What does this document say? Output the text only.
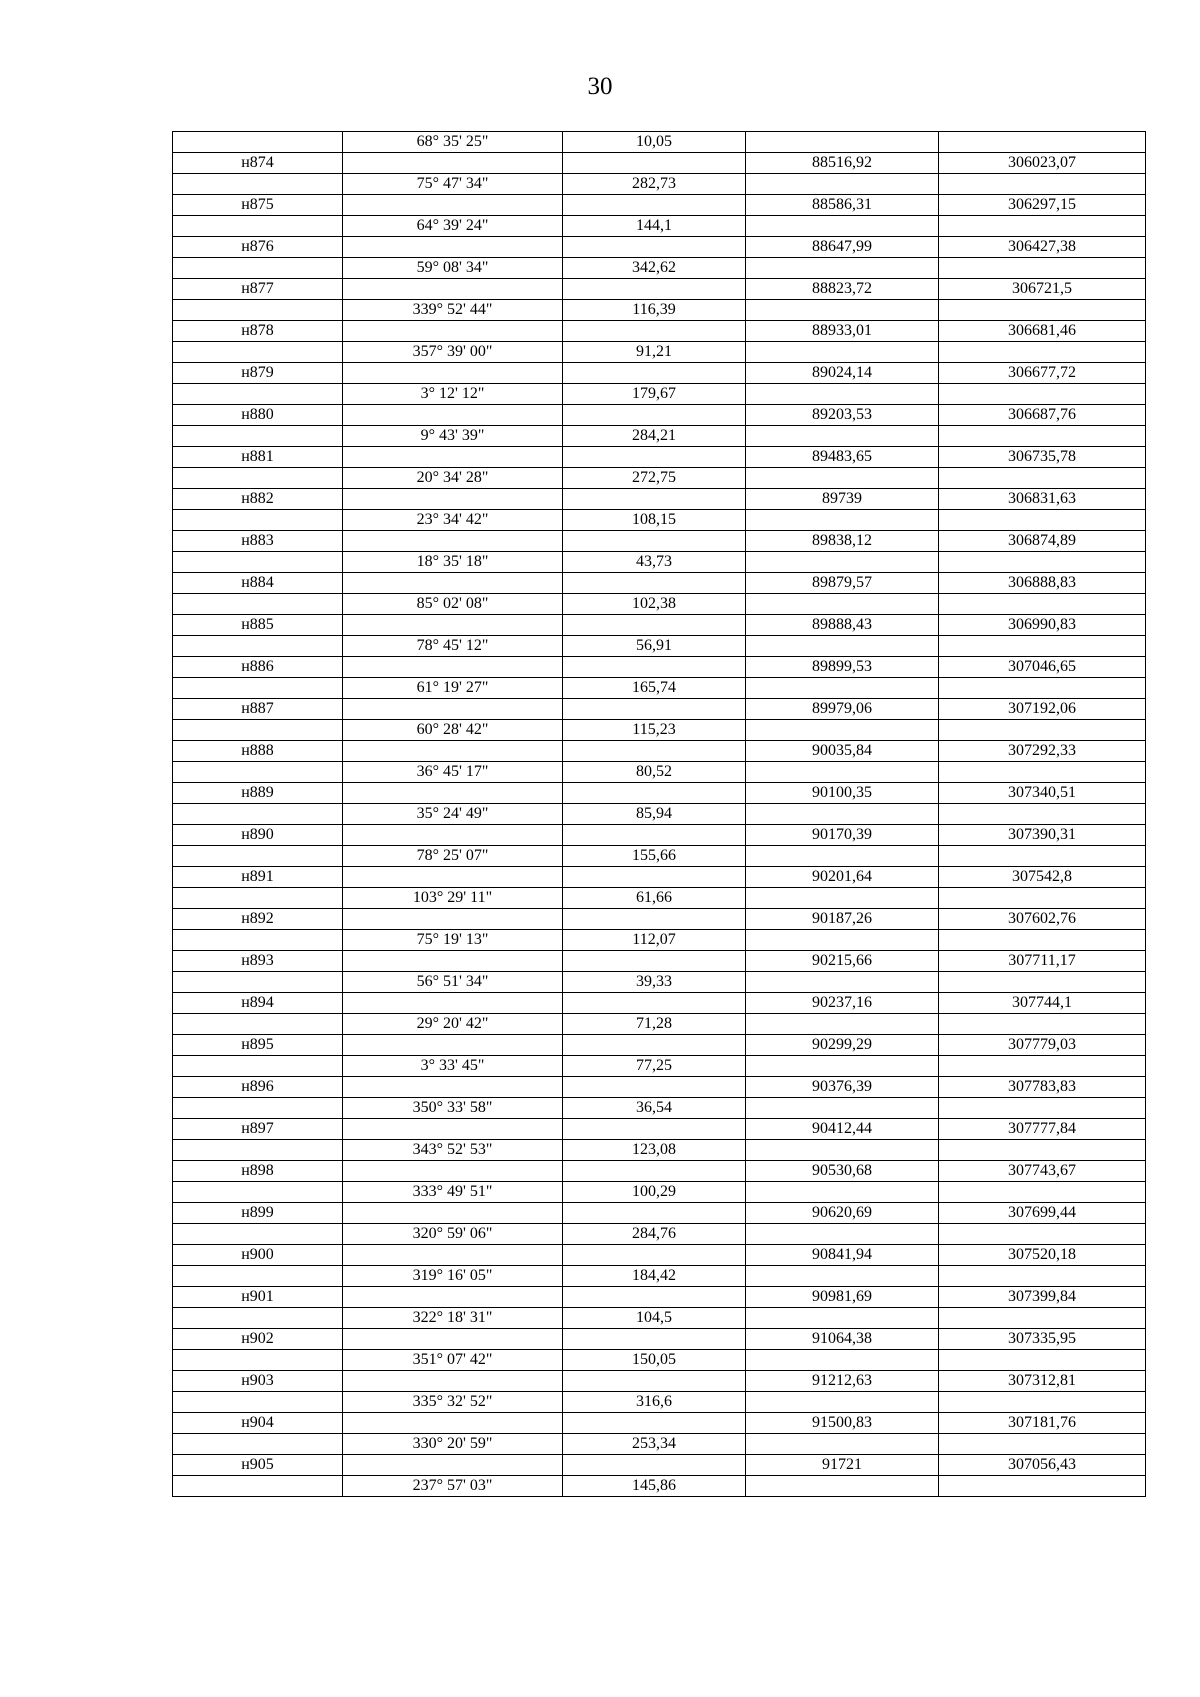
30
	68° 35' 25"	10,05		
н874			88516,92	306023,07
	75° 47' 34"	282,73		
н875			88586,31	306297,15
	64° 39' 24"	144,1		
н876			88647,99	306427,38
	59° 08' 34"	342,62		
н877			88823,72	306721,5
	339° 52' 44"	116,39		
н878			88933,01	306681,46
	357° 39' 00"	91,21		
н879			89024,14	306677,72
	3° 12' 12"	179,67		
н880			89203,53	306687,76
	9° 43' 39"	284,21		
н881			89483,65	306735,78
	20° 34' 28"	272,75		
н882			89739	306831,63
	23° 34' 42"	108,15		
н883			89838,12	306874,89
	18° 35' 18"	43,73		
н884			89879,57	306888,83
	85° 02' 08"	102,38		
н885			89888,43	306990,83
	78° 45' 12"	56,91		
н886			89899,53	307046,65
	61° 19' 27"	165,74		
н887			89979,06	307192,06
	60° 28' 42"	115,23		
н888			90035,84	307292,33
	36° 45' 17"	80,52		
н889			90100,35	307340,51
	35° 24' 49"	85,94		
н890			90170,39	307390,31
	78° 25' 07"	155,66		
н891			90201,64	307542,8
	103° 29' 11"	61,66		
н892			90187,26	307602,76
	75° 19' 13"	112,07		
н893			90215,66	307711,17
	56° 51' 34"	39,33		
н894			90237,16	307744,1
	29° 20' 42"	71,28		
н895			90299,29	307779,03
	3° 33' 45"	77,25		
н896			90376,39	307783,83
	350° 33' 58"	36,54		
н897			90412,44	307777,84
	343° 52' 53"	123,08		
н898			90530,68	307743,67
	333° 49' 51"	100,29		
н899			90620,69	307699,44
	320° 59' 06"	284,76		
н900			90841,94	307520,18
	319° 16' 05"	184,42		
н901			90981,69	307399,84
	322° 18' 31"	104,5		
н902			91064,38	307335,95
	351° 07' 42"	150,05		
н903			91212,63	307312,81
	335° 32' 52"	316,6		
н904			91500,83	307181,76
	330° 20' 59"	253,34		
н905			91721	307056,43
	237° 57' 03"	145,86		
